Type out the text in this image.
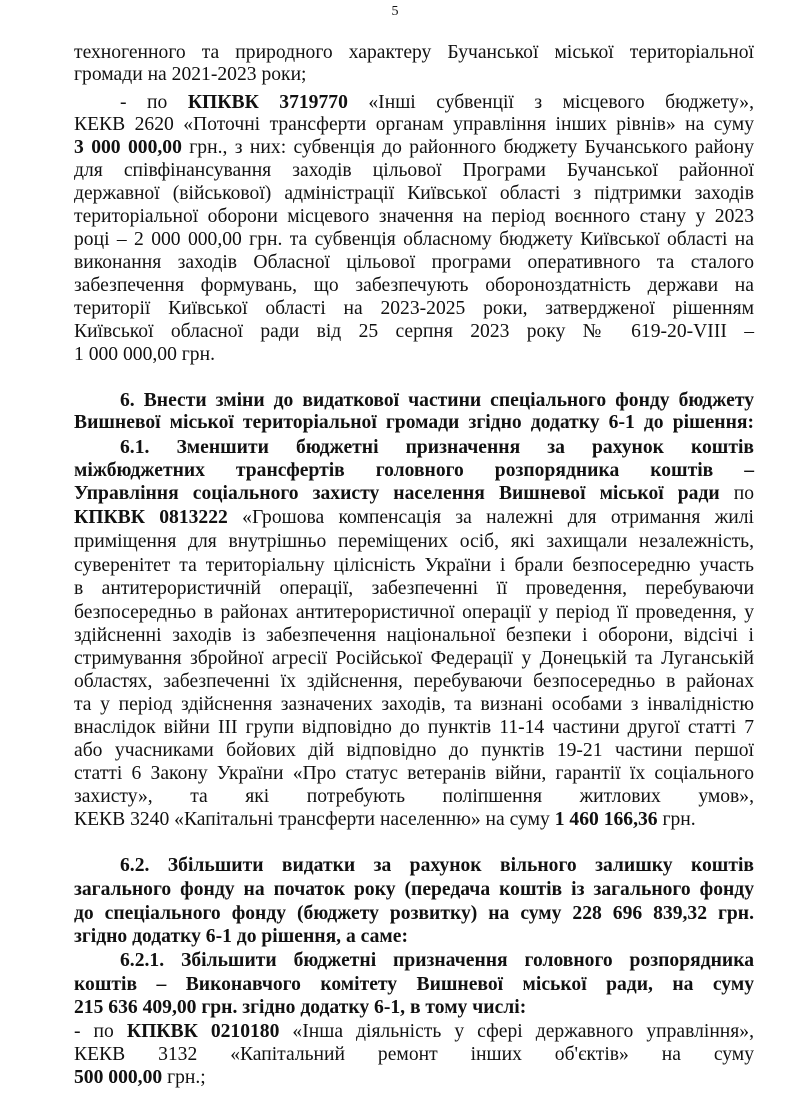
5
техногенного та природного характеру Бучанської міської територіальної
громади на 2021-2023 роки;
- по КПКВК 3719770 «Інші субвенції з місцевого бюджету»,
КЕКВ 2620 «Поточні трансферти органам управління інших рівнів» на суму
3 000 000,00 грн., з них: субвенція до районного бюджету Бучанського району
для співфінансування заходів цільової Програми Бучанської районної
державної (військової) адміністрації Київської області з підтримки заходів
територіальної оборони місцевого значення на період воєнного стану у 2023
році – 2 000 000,00 грн. та субвенція обласному бюджету Київської області на
виконання заходів Обласної цільової програми оперативного та сталого
забезпечення формувань, що забезпечують обороноздатність держави на
території Київської області на 2023-2025 роки, затвердженої рішенням
Київської обласної ради від 25 серпня 2023 року № 619-20-VIII –
1 000 000,00 грн.
6. Внести зміни до видаткової частини спеціального фонду бюджету
Вишневої міської територіальної громади згідно додатку 6-1 до рішення:
6.1. Зменшити бюджетні призначення за рахунок коштів
міжбюджетних трансфертів головного розпорядника коштів –
Управління соціального захисту населення Вишневої міської ради по
КПКВК 0813222 «Грошова компенсація за належні для отримання жилі
приміщення для внутрішньо переміщених осіб, які захищали незалежність,
суверенітет та територіальну цілісність України і брали безпосередню участь
в антитерористичній операції, забезпеченні її проведення, перебуваючи
безпосередньо в районах антитерористичної операції у період її проведення, у
здійсненні заходів із забезпечення національної безпеки і оборони, відсічі і
стримування збройної агресії Російської Федерації у Донецькій та Луганській
областях, забезпеченні їх здійснення, перебуваючи безпосередньо в районах
та у період здійснення зазначених заходів, та визнані особами з інвалідністю
внаслідок війни ІІІ групи відповідно до пунктів 11-14 частини другої статті 7
або учасниками бойових дій відповідно до пунктів 19-21 частини першої
статті 6 Закону України «Про статус ветеранів війни, гарантії їх соціального
захисту», та які потребують поліпшення житлових умов»,
КЕКВ 3240 «Капітальні трансферти населенню» на суму 1 460 166,36 грн.
6.2. Збільшити видатки за рахунок вільного залишку коштів
загального фонду на початок року (передача коштів із загального фонду
до спеціального фонду (бюджету розвитку) на суму 228 696 839,32 грн.
згідно додатку 6-1 до рішення, а саме:
6.2.1. Збільшити бюджетні призначення головного розпорядника
коштів – Виконавчого комітету Вишневої міської ради, на суму
215 636 409,00 грн. згідно додатку 6-1, в тому числі:
- по КПКВК 0210180 «Інша діяльність у сфері державного управління»,
КЕКВ 3132 «Капітальний ремонт інших об'єктів» на суму
500 000,00 грн.;
